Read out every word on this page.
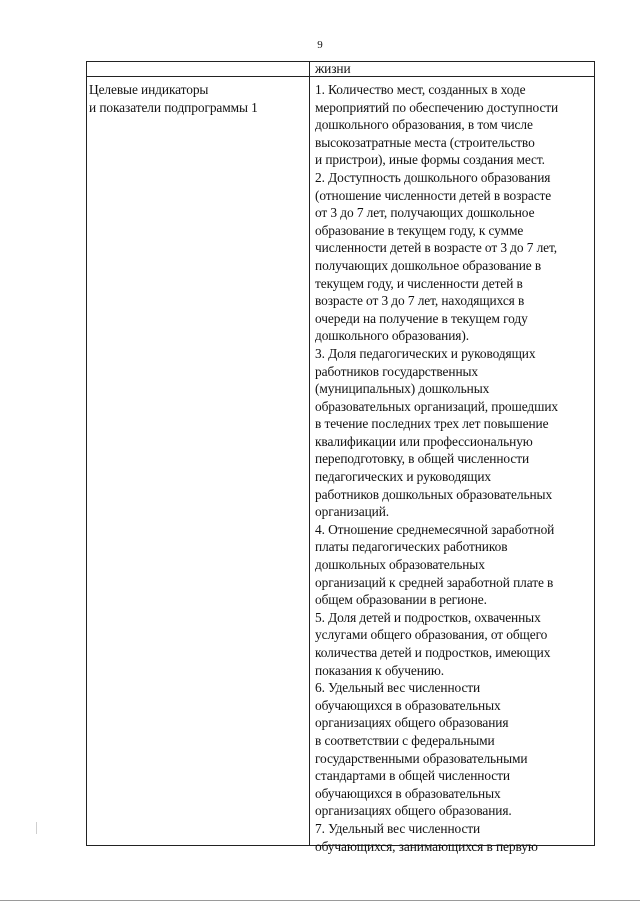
9
жизни
Целевые индикаторы
и показатели подпрограммы 1
1. Количество мест, созданных в ходе
мероприятий по обеспечению доступности
дошкольного образования, в том числе
высокозатратные места (строительство
и пристрои), иные формы создания мест.
2. Доступность дошкольного образования
(отношение численности детей в возрасте
от 3 до 7 лет, получающих дошкольное
образование в текущем году, к сумме
численности детей в возрасте от 3 до 7 лет,
получающих дошкольное образование в
текущем году, и численности детей в
возрасте от 3 до 7 лет, находящихся в
очереди на получение в текущем году
дошкольного образования).
3. Доля педагогических и руководящих
работников государственных
(муниципальных) дошкольных
образовательных организаций, прошедших
в течение последних трех лет повышение
квалификации или профессиональную
переподготовку, в общей численности
педагогических и руководящих
работников дошкольных образовательных
организаций.
4. Отношение среднемесячной заработной
платы педагогических работников
дошкольных образовательных
организаций к средней заработной плате в
общем образовании в регионе.
5. Доля детей и подростков, охваченных
услугами общего образования, от общего
количества детей и подростков, имеющих
показания к обучению.
6. Удельный вес численности
обучающихся в образовательных
организациях общего образования
в соответствии с федеральными
государственными образовательными
стандартами в общей численности
обучающихся в образовательных
организациях общего образования.
7. Удельный вес численности
обучающихся, занимающихся в первую
